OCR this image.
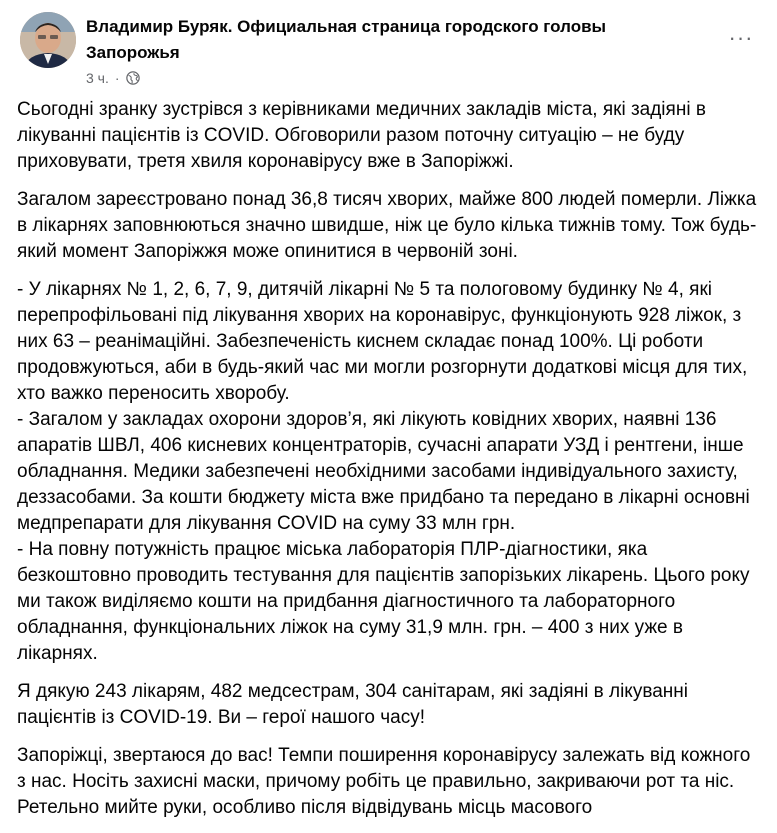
Владимир Буряк. Официальная страница городского головы Запорожья
3 ч. ·
···

Сьогодні зранку зустрівся з керівниками медичних закладів міста, які задіяні в лікуванні пацієнтів із COVID. Обговорили разом поточну ситуацію – не буду приховувати, третя хвиля коронавірусу вже в Запоріжжі.

Загалом зареєстровано понад 36,8 тисяч хворих, майже 800 людей померли. Ліжка в лікарнях заповнюються значно швидше, ніж це було кілька тижнів тому. Тож будь-який момент Запоріжжя може опинитися в червоній зоні.

- У лікарнях № 1, 2, 6, 7, 9, дитячій лікарні № 5 та пологовому будинку № 4, які перепрофільовані під лікування хворих на коронавірус, функціонують 928 ліжок, з них 63 – реанімаційні. Забезпеченість киснем складає понад 100%. Ці роботи продовжуються, аби в будь-який час ми могли розгорнути додаткові місця для тих, хто важко переносить хворобу.
- Загалом у закладах охорони здоров’я, які лікують ковідних хворих, наявні 136 апаратів ШВЛ, 406 кисневих концентраторів, сучасні апарати УЗД і рентгени, інше обладнання. Медики забезпечені необхідними засобами індивідуального захисту, деззасобами. За кошти бюджету міста вже придбано та передано в лікарні основні медпрепарати для лікування COVID на суму 33 млн грн.
- На повну потужність працює міська лабораторія ПЛР-діагностики, яка безкоштовно проводить тестування для пацієнтів запорізьких лікарень. Цього року ми також виділяємо кошти на придбання діагностичного та лабораторного обладнання, функціональних ліжок на суму 31,9 млн. грн. – 400 з них уже в лікарнях.

Я дякую 243 лікарям, 482 медсестрам, 304 санітарам, які задіяні в лікуванні пацієнтів із COVID-19. Ви – герої нашого часу!

Запоріжці, звертаюся до вас! Темпи поширення коронавірусу залежать від кожного з нас. Носіть захисні маски, причому робіть це правильно, закриваючи рот та ніс. Ретельно мийте руки, особливо після відвідувань місць масового
